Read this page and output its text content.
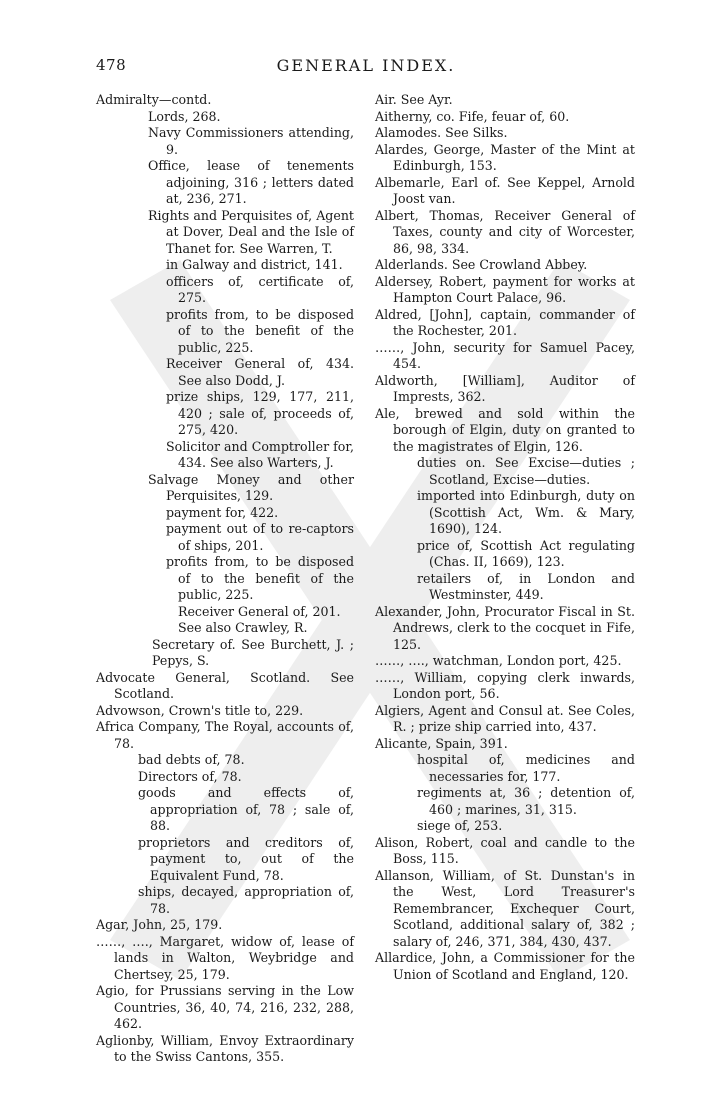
478	GENERAL INDEX.

Admiralty—contd.

Lords, 268.

Navy Commissioners attending, 9.

Office, lease of tenements adjoining, 316 ; letters dated at, 236, 271.

Rights and Perquisites of, Agent at Dover, Deal and the Isle of Thanet for. See Warren, T.

in Galway and district, 141.

officers of, certificate of, 275.

profits from, to be disposed of to the benefit of the public, 225.

Receiver General of, 434. See also Dodd, J.

prize ships, 129, 177, 211, 420 ; sale of, proceeds of, 275, 420.

Solicitor and Comptroller for, 434. See also Warters, J.

Salvage Money and other Perquisites, 129.

payment for, 422.

payment out of to re-captors of ships, 201.

profits from, to be disposed of to the benefit of the public, 225.

Receiver General of, 201.

See also Crawley, R.

Secretary of. See Burchett, J. ; Pepys, S.

Advocate General, Scotland. See Scotland.

Advowson, Crown's title to, 229.

Africa Company, The Royal, accounts of, 78.

bad debts of, 78.

Directors of, 78.

goods and effects of, appropriation of, 78 ; sale of, 88.

proprietors and creditors of, payment to, out of the Equivalent Fund, 78.

ships, decayed, appropriation of, 78.

Agar, John, 25, 179.

……, …., Margaret, widow of, lease of lands in Walton, Weybridge and Chertsey, 25, 179.

Agio, for Prussians serving in the Low Countries, 36, 40, 74, 216, 232, 288, 462.

Aglionby, William, Envoy Extraordinary to the Swiss Cantons, 355.

Air. See Ayr.

Aitherny, co. Fife, feuar of, 60.

Alamodes. See Silks.

Alardes, George, Master of the Mint at Edinburgh, 153.

Albemarle, Earl of. See Keppel, Arnold Joost van.

Albert, Thomas, Receiver General of Taxes, county and city of Worcester, 86, 98, 334.

Alderlands. See Crowland Abbey.

Aldersey, Robert, payment for works at Hampton Court Palace, 96.

Aldred, [John], captain, commander of the Rochester, 201.

……, John, security for Samuel Pacey, 454.

Aldworth, [William], Auditor of Imprests, 362.

Ale, brewed and sold within the borough of Elgin, duty on granted to the magistrates of Elgin, 126.

duties on. See Excise—duties ; Scotland, Excise—duties.

imported into Edinburgh, duty on (Scottish Act, Wm. & Mary, 1690), 124.

price of, Scottish Act regulating (Chas. II, 1669), 123.

retailers of, in London and Westminster, 449.

Alexander, John, Procurator Fiscal in St. Andrews, clerk to the cocquet in Fife, 125.

……, …., watchman, London port, 425.

……, William, copying clerk inwards, London port, 56.

Algiers, Agent and Consul at. See Coles, R. ; prize ship carried into, 437.

Alicante, Spain, 391.

hospital of, medicines and necessaries for, 177.

regiments at, 36 ; detention of, 460 ; marines, 31, 315.

siege of, 253.

Alison, Robert, coal and candle to the Boss, 115.

Allanson, William, of St. Dunstan's in the West, Lord Treasurer's Remembrancer, Exchequer Court, Scotland, additional salary of, 382 ; salary of, 246, 371, 384, 430, 437.

Allardice, John, a Commissioner for the Union of Scotland and England, 120.
